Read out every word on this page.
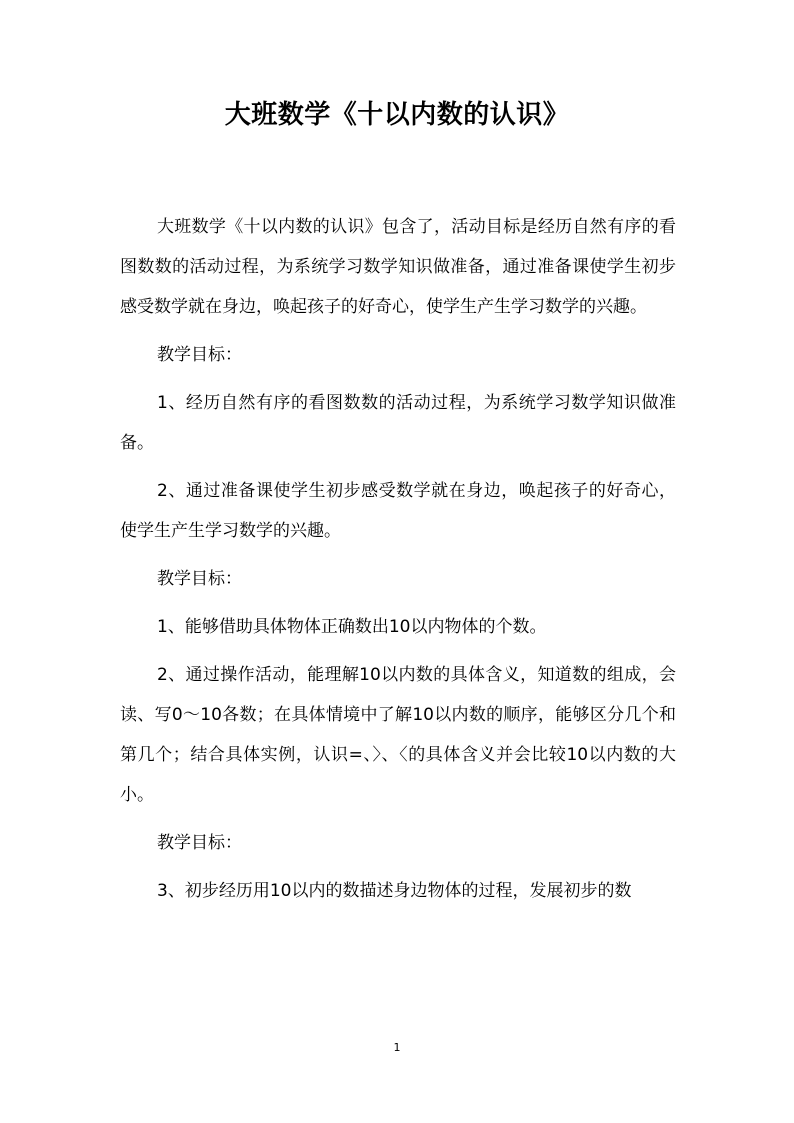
大班数学《十以内数的认识》

大班数学《十以内数的认识》包含了，活动目标是经历自然有序的看图数数的活动过程，为系统学习数学知识做准备，通过准备课使学生初步感受数学就在身边，唤起孩子的好奇心，使学生产生学习数学的兴趣。

教学目标：

1、经历自然有序的看图数数的活动过程，为系统学习数学知识做准备。

2、通过准备课使学生初步感受数学就在身边，唤起孩子的好奇心，使学生产生学习数学的兴趣。

教学目标：

1、能够借助具体物体正确数出10以内物体的个数。

2、通过操作活动，能理解10以内数的具体含义，知道数的组成，会读、写0～10各数；在具体情境中了解10以内数的顺序，能够区分几个和第几个；结合具体实例，认识=、〉、〈的具体含义并会比较10以内数的大小。

教学目标：

3、初步经历用10以内的数描述身边物体的过程，发展初步的数

1
